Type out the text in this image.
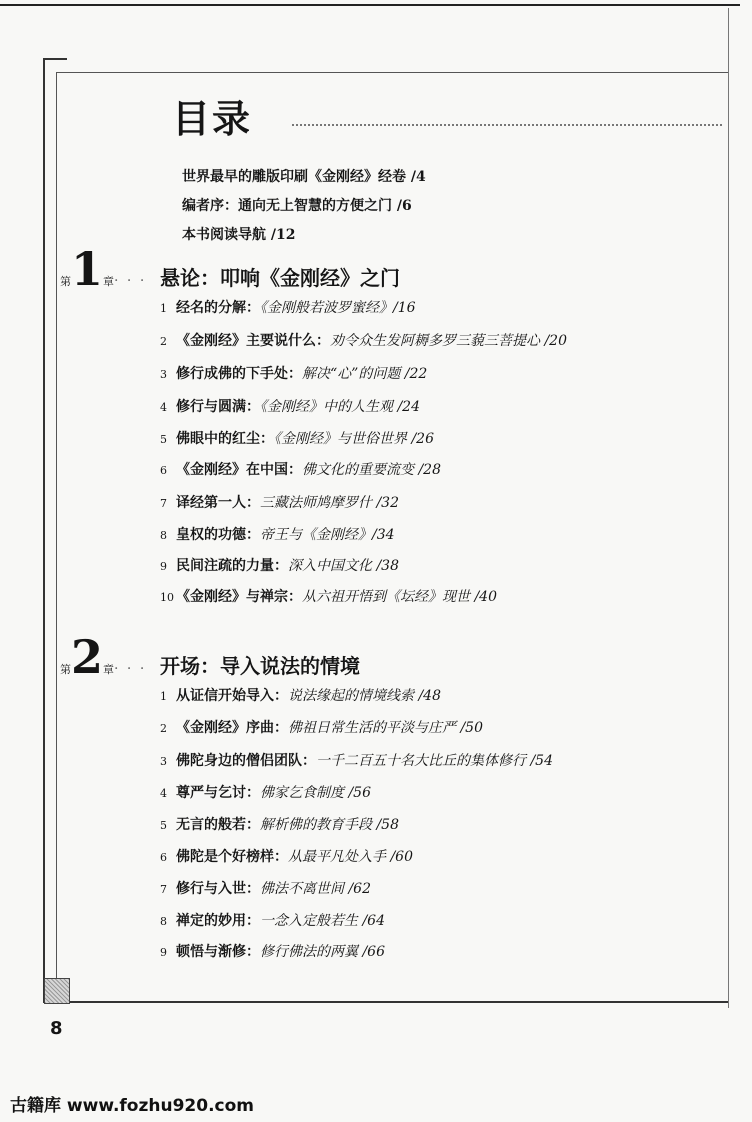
目录
世界最早的雕版印刷《金刚经》经卷 /4
编者序：通向无上智慧的方便之门 /6
本书阅读导航 /12
第1章· · · 悬论：叩响《金刚经》之门
1 经名的分解：《金刚般若波罗蜜经》/16
2 《金刚经》主要说什么：劝令众生发阿耨多罗三藐三菩提心 /20
3 修行成佛的下手处：解决“心”的问题 /22
4 修行与圆满：《金刚经》中的人生观 /24
5 佛眼中的红尘：《金刚经》与世俗世界 /26
6 《金刚经》在中国：佛文化的重要流变 /28
7 译经第一人：三藏法师鸠摩罗什 /32
8 皇权的功德：帝王与《金刚经》/34
9 民间注疏的力量：深入中国文化 /38
10 《金刚经》与禅宗：从六祖开悟到《坛经》现世 /40
第2章· · · 开场：导入说法的情境
1 从证信开始导入：说法缘起的情境线索 /48
2 《金刚经》序曲：佛祖日常生活的平淡与庄严 /50
3 佛陀身边的僧侣团队：一千二百五十名大比丘的集体修行 /54
4 尊严与乞讨：佛家乞食制度 /56
5 无言的般若：解析佛的教育手段 /58
6 佛陀是个好榜样：从最平凡处入手 /60
7 修行与入世：佛法不离世间 /62
8 禅定的妙用：一念入定般若生 /64
9 顿悟与渐修：修行佛法的两翼 /66
8
古籍库 www.fozhu920.com
